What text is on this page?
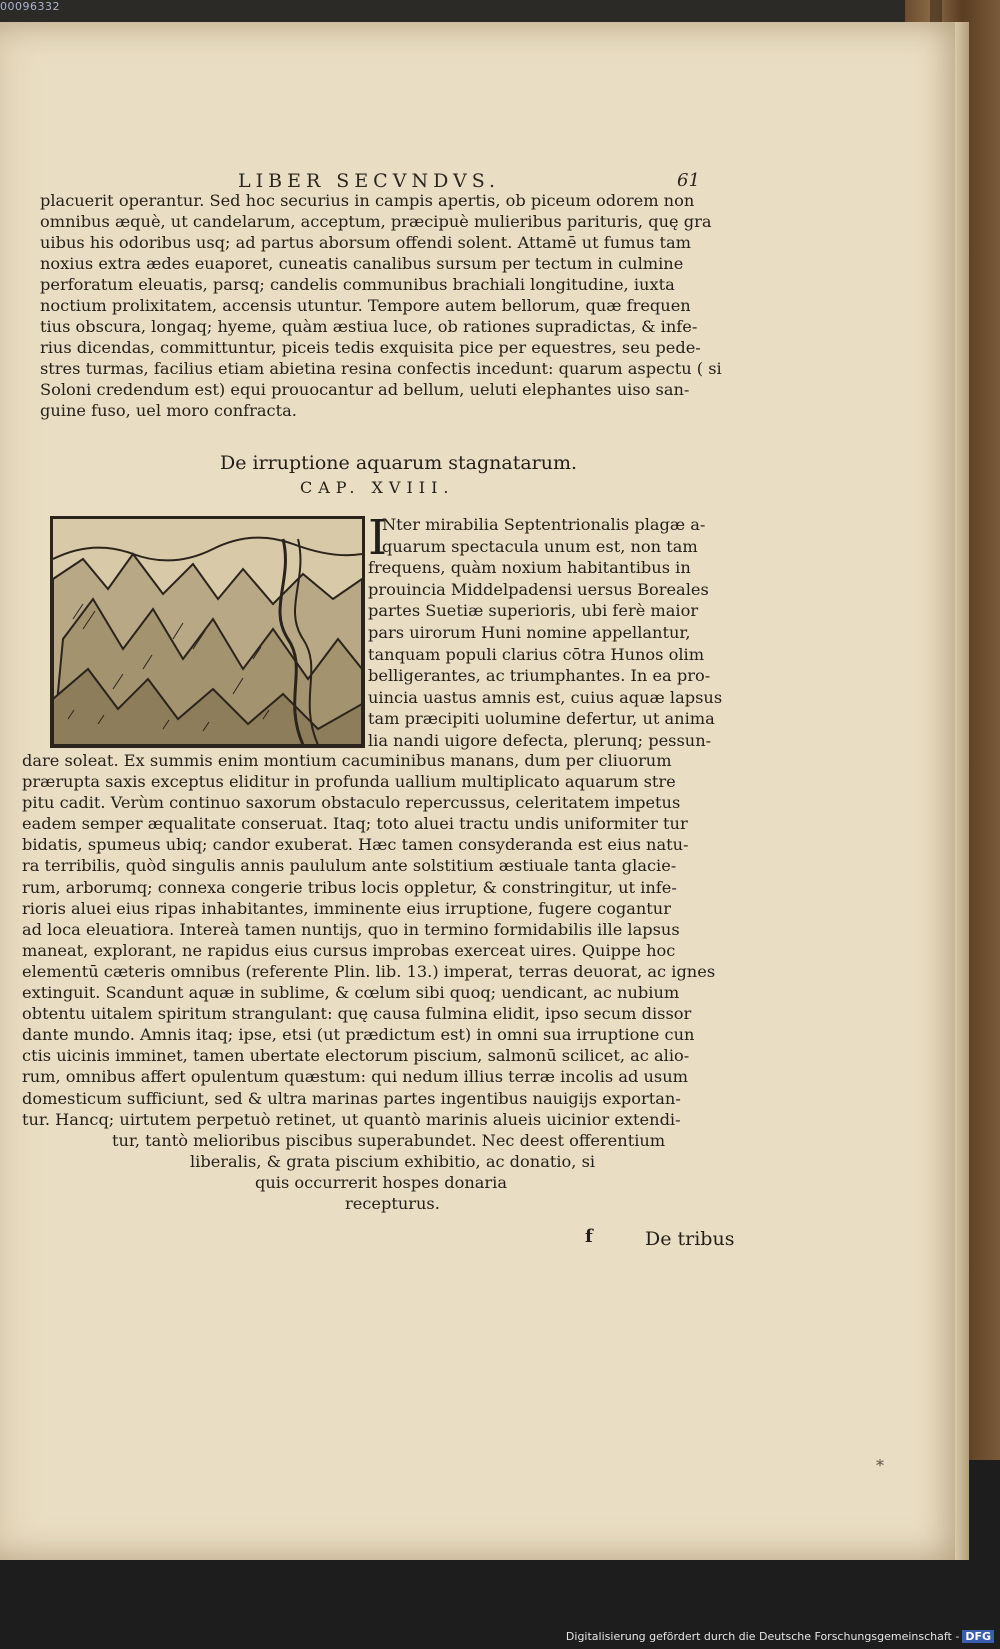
00096332
LIBER SECVNDVS.	61
placuerit operantur. Sed hoc securius in campis apertis, ob piceum odorem non
omnibus æquè, ut candelarum, acceptum, præcipuè mulieribus parituris, quę gra
uibus his odoribus usq; ad partus aborsum offendi solent. Attamē ut fumus tam
noxius extra ædes euaporet, cuneatis canalibus sursum per tectum in culmine
perforatum eleuatis, parsq; candelis communibus brachiali longitudine, iuxta
noctium prolixitatem, accensis utuntur. Tempore autem bellorum, quæ frequen
tius obscura, longaq; hyeme, quàm æstiua luce, ob rationes supradictas, & infe-
rius dicendas, committuntur, piceis tedis exquisita pice per equestres, seu pede-
stres turmas, facilius etiam abietina resina confectis incedunt: quarum aspectu ( si
Soloni credendum est) equi prouocantur ad bellum, ueluti elephantes uiso san-
guine fuso, uel moro confracta.
De irruptione aquarum stagnatarum.
CAP. XVIII.
I
Nter mirabilia Septentrionalis plagæ a-
quarum spectacula unum est, non tam
frequens, quàm noxium habitantibus in
prouincia Middelpadensi uersus Boreales
partes Suetiæ superioris, ubi ferè maior
pars uirorum Huni nomine appellantur,
tanquam populi clarius cōtra Hunos olim
belligerantes, ac triumphantes. In ea pro-
uincia uastus amnis est, cuius aquæ lapsus
tam præcipiti uolumine defertur, ut anima
lia nandi uigore defecta, plerunq; pessun-
dare soleat. Ex summis enim montium cacuminibus manans, dum per cliuorum
prærupta saxis exceptus eliditur in profunda uallium multiplicato aquarum stre
pitu cadit. Verùm continuo saxorum obstaculo repercussus, celeritatem impetus
eadem semper æqualitate conseruat. Itaq; toto aluei tractu undis uniformiter tur
bidatis, spumeus ubiq; candor exuberat. Hæc tamen consyderanda est eius natu-
ra terribilis, quòd singulis annis paululum ante solstitium æstiuale tanta glacie-
rum, arborumq; connexa congerie tribus locis oppletur, & constringitur, ut infe-
rioris aluei eius ripas inhabitantes, imminente eius irruptione, fugere cogantur
ad loca eleuatiora. Intereà tamen nuntijs, quo in termino formidabilis ille lapsus
maneat, explorant, ne rapidus eius cursus improbas exerceat uires. Quippe hoc
elementū cæteris omnibus (referente Plin. lib. 13.) imperat, terras deuorat, ac ignes
extinguit. Scandunt aquæ in sublime, & cœlum sibi quoq; uendicant, ac nubium
obtentu uitalem spiritum strangulant: quę causa fulmina elidit, ipso secum dissor
dante mundo. Amnis itaq; ipse, etsi (ut prædictum est) in omni sua irruptione cun
ctis uicinis imminet, tamen ubertate electorum piscium, salmonū scilicet, ac alio-
rum, omnibus affert opulentum quæstum: qui nedum illius terræ incolis ad usum
domesticum sufficiunt, sed & ultra marinas partes ingentibus nauigijs exportan-
tur. Hancq; uirtutem perpetuò retinet, ut quantò marinis alueis uicinior extendi-
tur, tantò melioribus piscibus superabundet. Nec deest offerentium
liberalis, & grata piscium exhibitio, ac donatio, si
quis occurrerit hospes donaria
recepturus.
f	De tribus
*
Digitalisierung gefördert durch die Deutsche Forschungsgemeinschaft - DFG
